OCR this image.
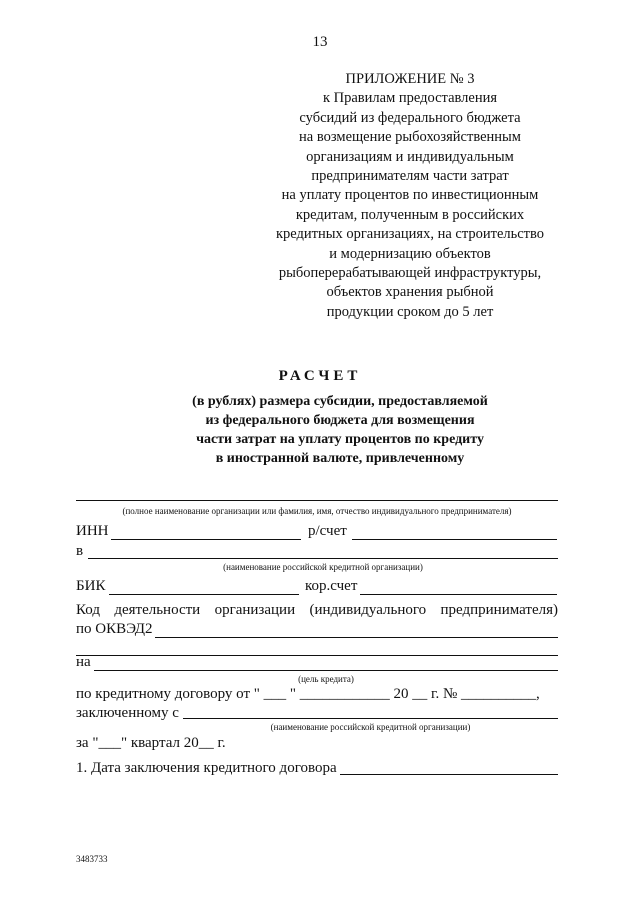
13
ПРИЛОЖЕНИЕ № 3
к Правилам предоставления
субсидий из федерального бюджета
на возмещение рыбохозяйственным
организациям и индивидуальным
предпринимателям части затрат
на уплату процентов по инвестиционным
кредитам, полученным в российских
кредитных организациях, на строительство
и модернизацию объектов
рыбоперерабатывающей инфраструктуры,
объектов хранения рыбной
продукции сроком до 5 лет
РАСЧЕТ
(в рублях) размера субсидии, предоставляемой
из федерального бюджета для возмещения
части затрат на уплату процентов по кредиту
в иностранной валюте, привлеченному
(полное наименование организации или фамилия, имя, отчество индивидуального предпринимателя)
ИНН	р/счет
в
(наименование российской кредитной организации)
БИК	кор.счет
Код деятельности организации (индивидуального предпринимателя)
по ОКВЭД2
на
(цель кредита)
по кредитному договору от " ___ " ____________ 20 __ г. № __________,
заключенному с
(наименование российской кредитной организации)
за "___" квартал 20__ г.
1. Дата заключения кредитного договора
3483733
